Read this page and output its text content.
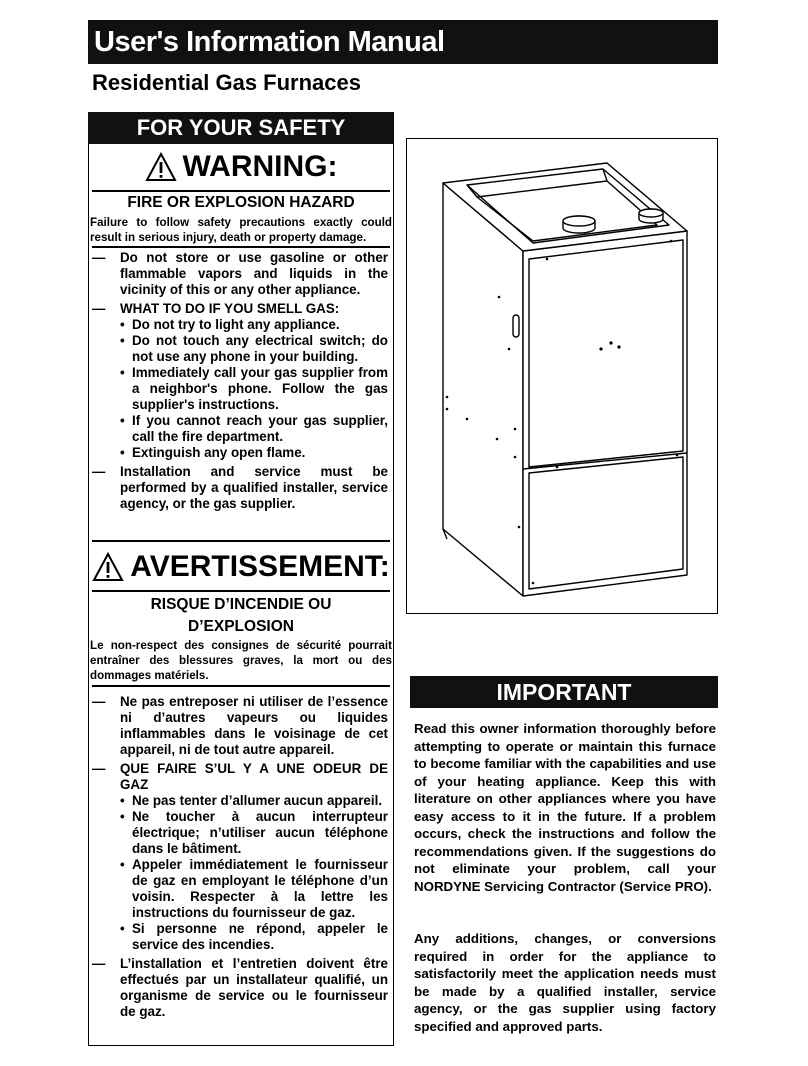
User's Information Manual
Residential Gas Furnaces
FOR YOUR SAFETY
WARNING:
FIRE OR EXPLOSION HAZARD
Failure to follow safety precautions exactly could result in serious injury, death or property damage.
—	Do not store or use gasoline or other flammable vapors and liquids in the vicinity of this or any other appliance.
—	WHAT TO DO IF YOU SMELL GAS:
• Do not try to light any appliance.
• Do not touch any electrical switch; do not use any phone in your building.
• Immediately call your gas supplier from a neighbor's phone. Follow the gas supplier's instructions.
• If you cannot reach your gas supplier, call the fire department.
• Extinguish any open flame.
—	Installation and service must be performed by a qualified installer, service agency, or the gas supplier.
AVERTISSEMENT:
RISQUE D’INCENDIE OU
D’EXPLOSION
Le non-respect des consignes de sécurité pourrait entraîner des blessures graves, la mort ou des dommages matériels.
—	Ne pas entreposer ni utiliser de l’essence ni d’autres vapeurs ou liquides inflammables dans le voisinage de cet appareil, ni de tout autre appareil.
—	QUE FAIRE S’UL Y A UNE ODEUR DE GAZ
• Ne pas tenter d’allumer aucun appareil.
• Ne toucher à aucun interrupteur électrique; n’utiliser aucun téléphone dans le bâtiment.
• Appeler immédiatement le fournisseur de gaz en employant le téléphone d’un voisin. Respecter à la lettre les instructions du fournisseur de gaz.
• Si personne ne répond, appeler le service des incendies.
—	L’installation et l’entretien doivent être effectués par un installateur qualifié, un organisme de service ou le fournisseur de gaz.
IMPORTANT
Read this owner information thoroughly before attempting to operate or maintain this furnace to become familiar with the capabilities and use of your heating appliance. Keep this with literature on other appliances where you have easy access to it in the future. If a problem occurs, check the instructions and follow the recommendations given. If the suggestions do not eliminate your problem, call your NORDYNE Servicing Contractor (Service PRO).
Any additions, changes, or conversions required in order for the appliance to satisfactorily meet the application needs must be made by a qualified installer, service agency, or the gas supplier using factory specified and approved parts.
